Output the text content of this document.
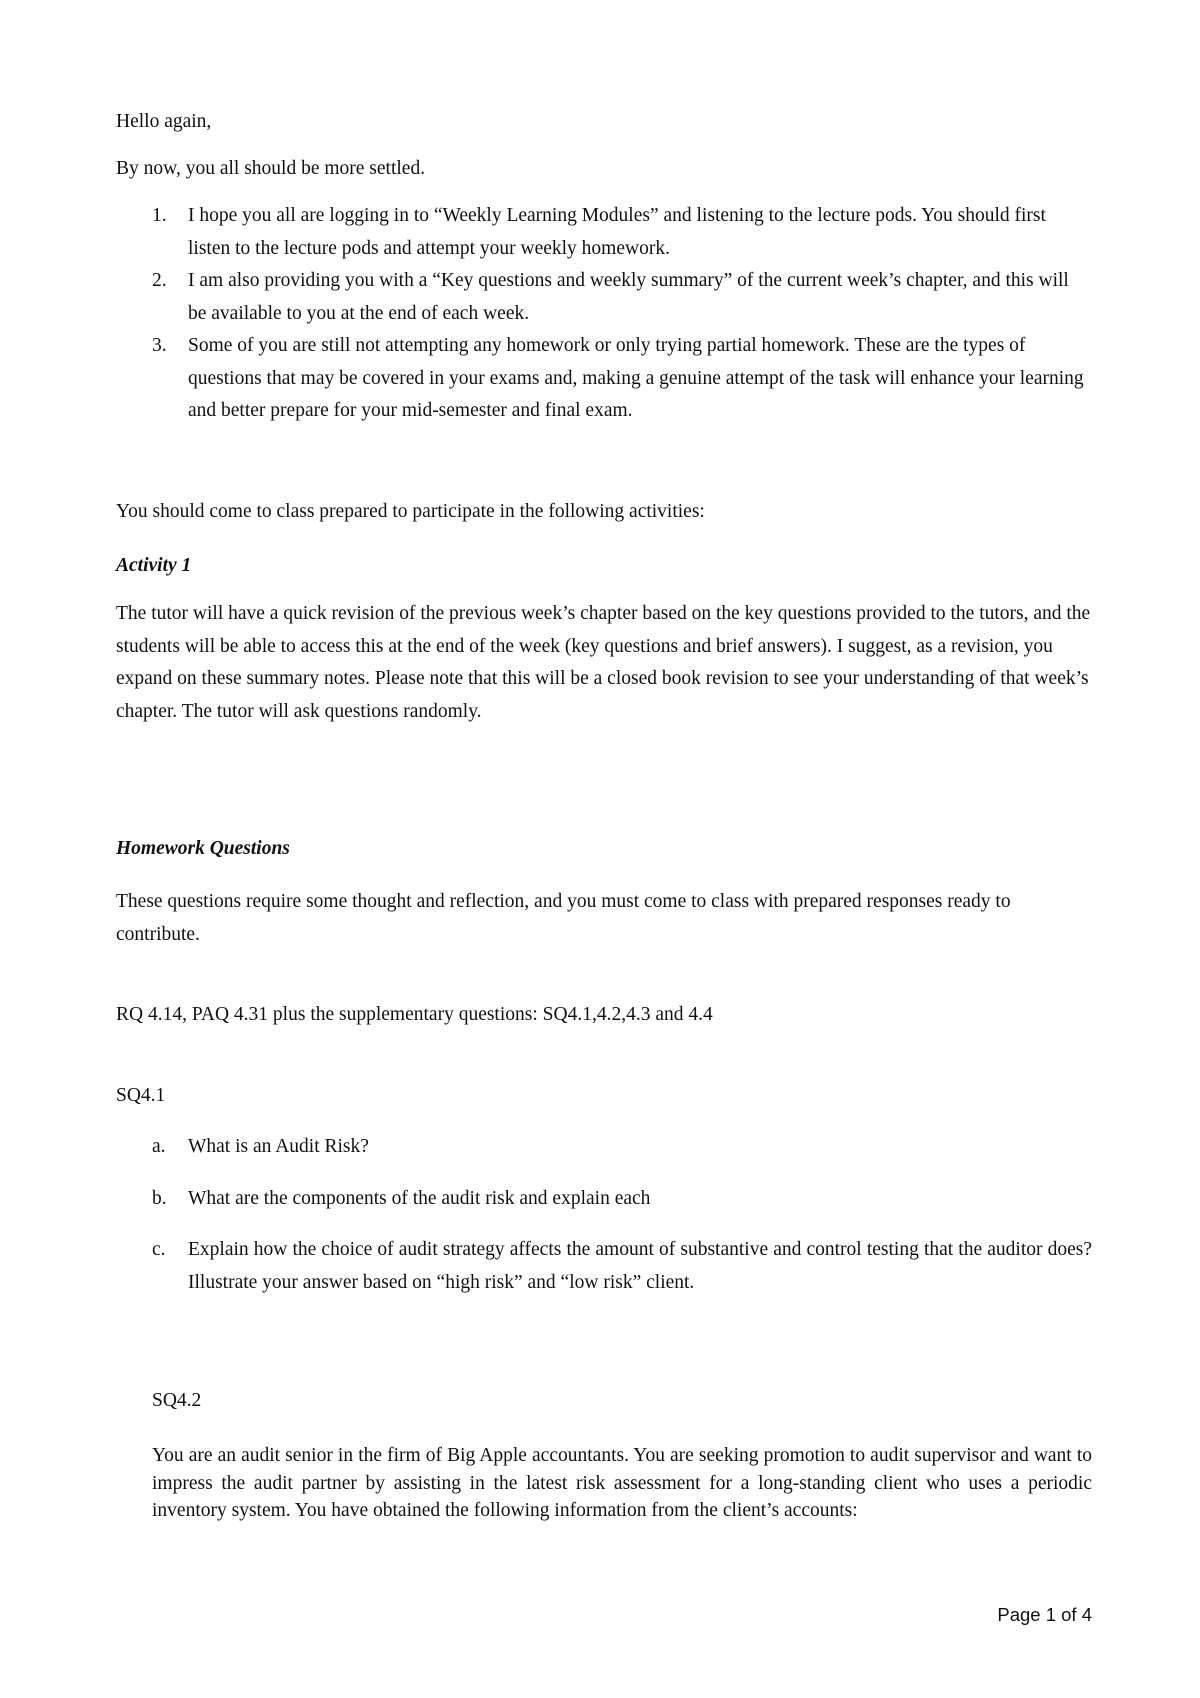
Hello again,

By now, you all should be more settled.

1. I hope you all are logging in to “Weekly Learning Modules” and listening to the lecture pods. You should first listen to the lecture pods and attempt your weekly homework.
2. I am also providing you with a “Key questions and weekly summary” of the current week’s chapter, and this will be available to you at the end of each week.
3. Some of you are still not attempting any homework or only trying partial homework. These are the types of questions that may be covered in your exams and, making a genuine attempt of the task will enhance your learning and better prepare for your mid-semester and final exam.

You should come to class prepared to participate in the following activities:

Activity 1

The tutor will have a quick revision of the previous week’s chapter based on the key questions provided to the tutors, and the students will be able to access this at the end of the week (key questions and brief answers). I suggest, as a revision, you expand on these summary notes. Please note that this will be a closed book revision to see your understanding of that week’s chapter. The tutor will ask questions randomly.

Homework Questions

These questions require some thought and reflection, and you must come to class with prepared responses ready to contribute.

RQ 4.14, PAQ 4.31 plus the supplementary questions: SQ4.1,4.2,4.3 and 4.4

SQ4.1

a. What is an Audit Risk?
b. What are the components of the audit risk and explain each
c. Explain how the choice of audit strategy affects the amount of substantive and control testing that the auditor does? Illustrate your answer based on “high risk” and “low risk” client.

SQ4.2

You are an audit senior in the firm of Big Apple accountants. You are seeking promotion to audit supervisor and want to impress the audit partner by assisting in the latest risk assessment for a long-standing client who uses a periodic inventory system. You have obtained the following information from the client’s accounts:

Page 1 of 4
